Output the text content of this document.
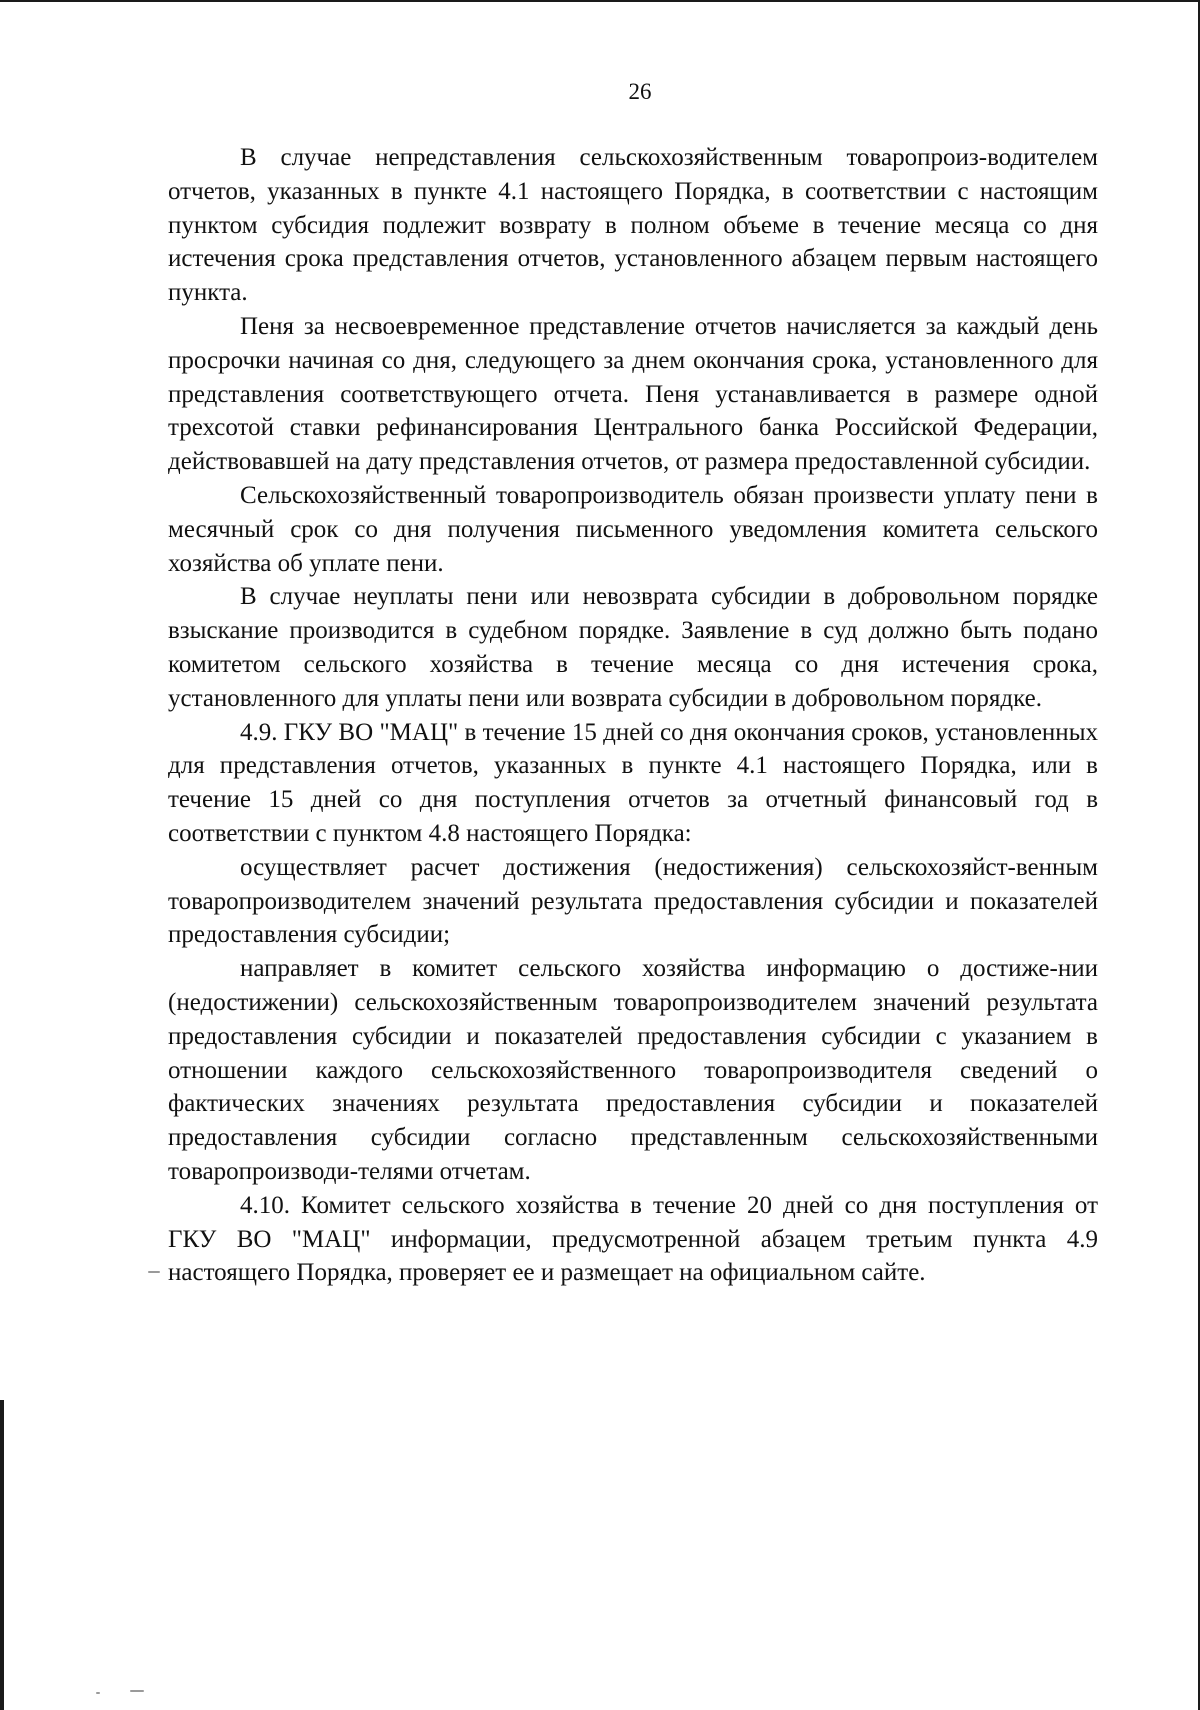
26

В случае непредставления сельскохозяйственным товаропроиз-водителем отчетов, указанных в пункте 4.1 настоящего Порядка, в соответствии с настоящим пунктом субсидия подлежит возврату в полном объеме в течение месяца со дня истечения срока представления отчетов, установленного абзацем первым настоящего пункта.

Пеня за несвоевременное представление отчетов начисляется за каждый день просрочки начиная со дня, следующего за днем окончания срока, установленного для представления соответствующего отчета. Пеня устанавливается в размере одной трехсотой ставки рефинансирования Центрального банка Российской Федерации, действовавшей на дату представления отчетов, от размера предоставленной субсидии.

Сельскохозяйственный товаропроизводитель обязан произвести уплату пени в месячный срок со дня получения письменного уведомления комитета сельского хозяйства об уплате пени.

В случае неуплаты пени или невозврата субсидии в добровольном порядке взыскание производится в судебном порядке. Заявление в суд должно быть подано комитетом сельского хозяйства в течение месяца со дня истечения срока, установленного для уплаты пени или возврата субсидии в добровольном порядке.

4.9. ГКУ ВО "МАЦ" в течение 15 дней со дня окончания сроков, установленных для представления отчетов, указанных в пункте 4.1 настоящего Порядка, или в течение 15 дней со дня поступления отчетов за отчетный финансовый год в соответствии с пунктом 4.8 настоящего Порядка:

осуществляет расчет достижения (недостижения) сельскохозяйст-венным товаропроизводителем значений результата предоставления субсидии и показателей предоставления субсидии;

направляет в комитет сельского хозяйства информацию о достиже-нии (недостижении) сельскохозяйственным товаропроизводителем значений результата предоставления субсидии и показателей предоставления субсидии с указанием в отношении каждого сельскохозяйственного товаропроизводителя сведений о фактических значениях результата предоставления субсидии и показателей предоставления субсидии согласно представленным сельскохозяйственными товаропроизводи-телями отчетам.

4.10. Комитет сельского хозяйства в течение 20 дней со дня поступления от ГКУ ВО "МАЦ" информации, предусмотренной абзацем третьим пункта 4.9 настоящего Порядка, проверяет ее и размещает на официальном сайте.
